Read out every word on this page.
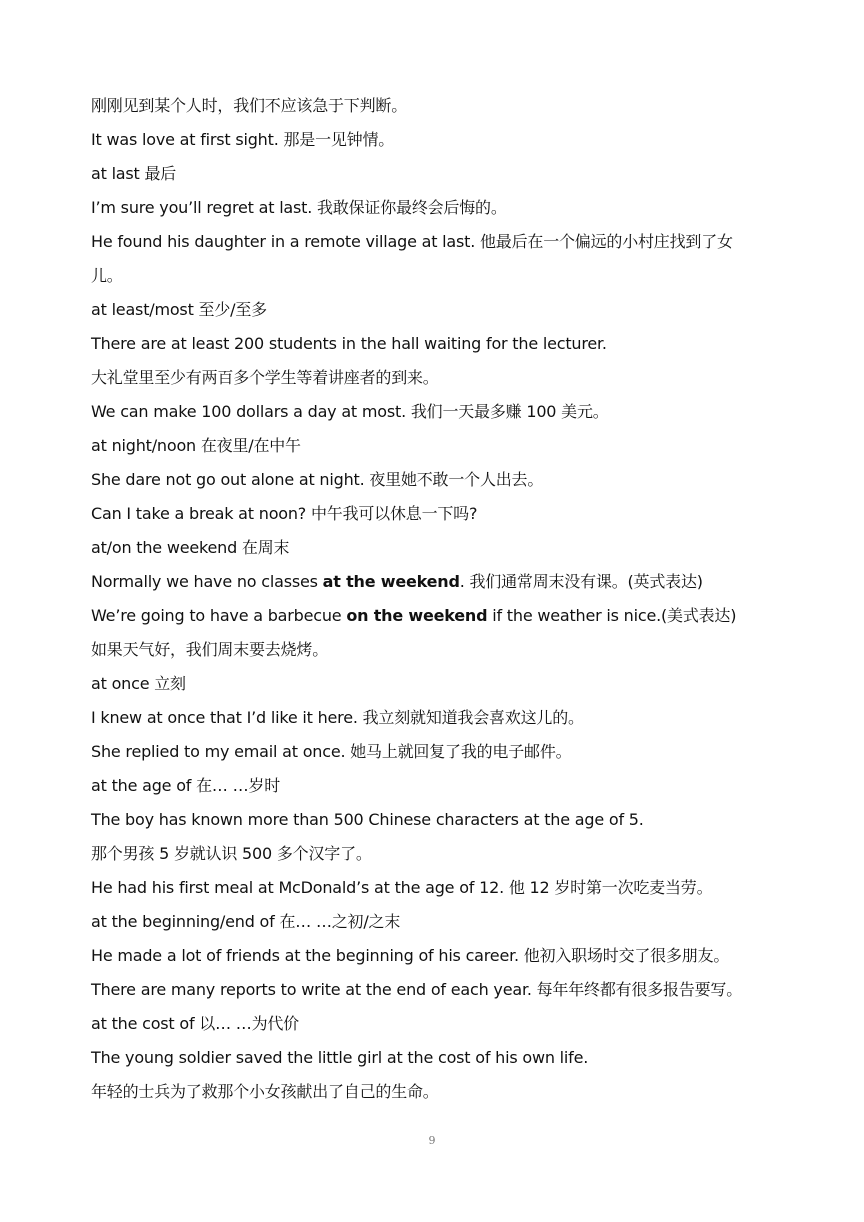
刚刚见到某个人时，我们不应该急于下判断。
It was love at first sight. 那是一见钟情。
at last 最后
I’m sure you’ll regret at last. 我敢保证你最终会后悔的。
He found his daughter in a remote village at last. 他最后在一个偏远的小村庄找到了女
儿。
at least/most 至少/至多
There are at least 200 students in the hall waiting for the lecturer.
大礼堂里至少有两百多个学生等着讲座者的到来。
We can make 100 dollars a day at most. 我们一天最多赚 100 美元。
at night/noon 在夜里/在中午
She dare not go out alone at night. 夜里她不敢一个人出去。
Can I take a break at noon? 中午我可以休息一下吗?
at/on the weekend 在周末
Normally we have no classes at the weekend. 我们通常周末没有课。(英式表达)
We’re going to have a barbecue on the weekend if the weather is nice.(美式表达)
如果天气好，我们周末要去烧烤。
at once 立刻
I knew at once that I’d like it here. 我立刻就知道我会喜欢这儿的。
She replied to my email at once. 她马上就回复了我的电子邮件。
at the age of 在… …岁时
The boy has known more than 500 Chinese characters at the age of 5.
那个男孩 5 岁就认识 500 多个汉字了。
He had his first meal at McDonald’s at the age of 12. 他 12 岁时第一次吃麦当劳。
at the beginning/end of 在… …之初/之末
He made a lot of friends at the beginning of his career. 他初入职场时交了很多朋友。
There are many reports to write at the end of each year. 每年年终都有很多报告要写。
at the cost of 以… …为代价
The young soldier saved the little girl at the cost of his own life.
年轻的士兵为了救那个小女孩献出了自己的生命。
9
